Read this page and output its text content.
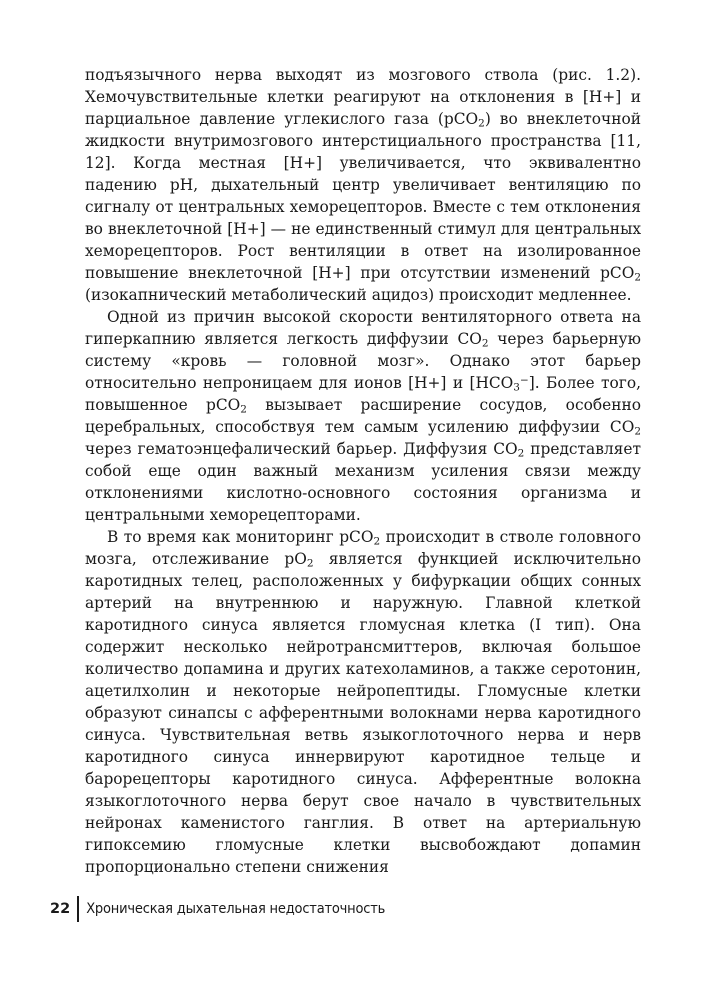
подъязычного нерва выходят из мозгового ствола (рис. 1.2). Хемочувствительные клетки реагируют на отклонения в [H+] и парциальное давление углекислого газа (pCO$_2$) во внеклеточной жидкости внутримозгового интерстициального пространства [11, 12]. Когда местная [H+] увеличивается, что эквивалентно падению pH, дыхательный центр увеличивает вентиляцию по сигналу от центральных хеморецепторов. Вместе с тем отклонения во внеклеточной [H+] — не единственный стимул для центральных хеморецепторов. Рост вентиляции в ответ на изолированное повышение внеклеточной [H+] при отсутствии изменений pCO$_2$ (изокапнический метаболический ацидоз) происходит медленнее.

Одной из причин высокой скорости вентиляторного ответа на гиперкапнию является легкость диффузии $CO_2$ через барьерную систему «кровь — головной мозг». Однако этот барьер относительно непроницаем для ионов [H+] и $[HCO_3^-]$. Более того, повышенное pCO$_2$ вызывает расширение сосудов, особенно церебральных, способствуя тем самым усилению диффузии $CO_2$ через гематоэнцефалический барьер. Диффузия $CO_2$ представляет собой еще один важный механизм усиления связи между отклонениями кислотно-основного состояния организма и центральными хеморецепторами.

В то время как мониторинг pCO$_2$ происходит в стволе головного мозга, отслеживание $pO_2$ является функцией исключительно каротидных телец, расположенных у бифуркации общих сонных артерий на внутреннюю и наружную. Главной клеткой каротидного синуса является гломусная клетка (I тип). Она содержит несколько нейротрансмиттеров, включая большое количество допамина и других катехоламинов, а также серотонин, ацетилхолин и некоторые нейропептиды. Гломусные клетки образуют синапсы с афферентными волокнами нерва каротидного синуса. Чувствительная ветвь языкоглоточного нерва и нерв каротидного синуса иннервируют каротидное тельце и барорецепторы каротидного синуса. Афферентные волокна языкоглоточного нерва берут свое начало в чувствительных нейронах каменистого ганглия. В ответ на артериальную гипоксемию гломусные клетки высвобождают допамин пропорционально степени снижения

22 Хроническая дыхательная недостаточность
